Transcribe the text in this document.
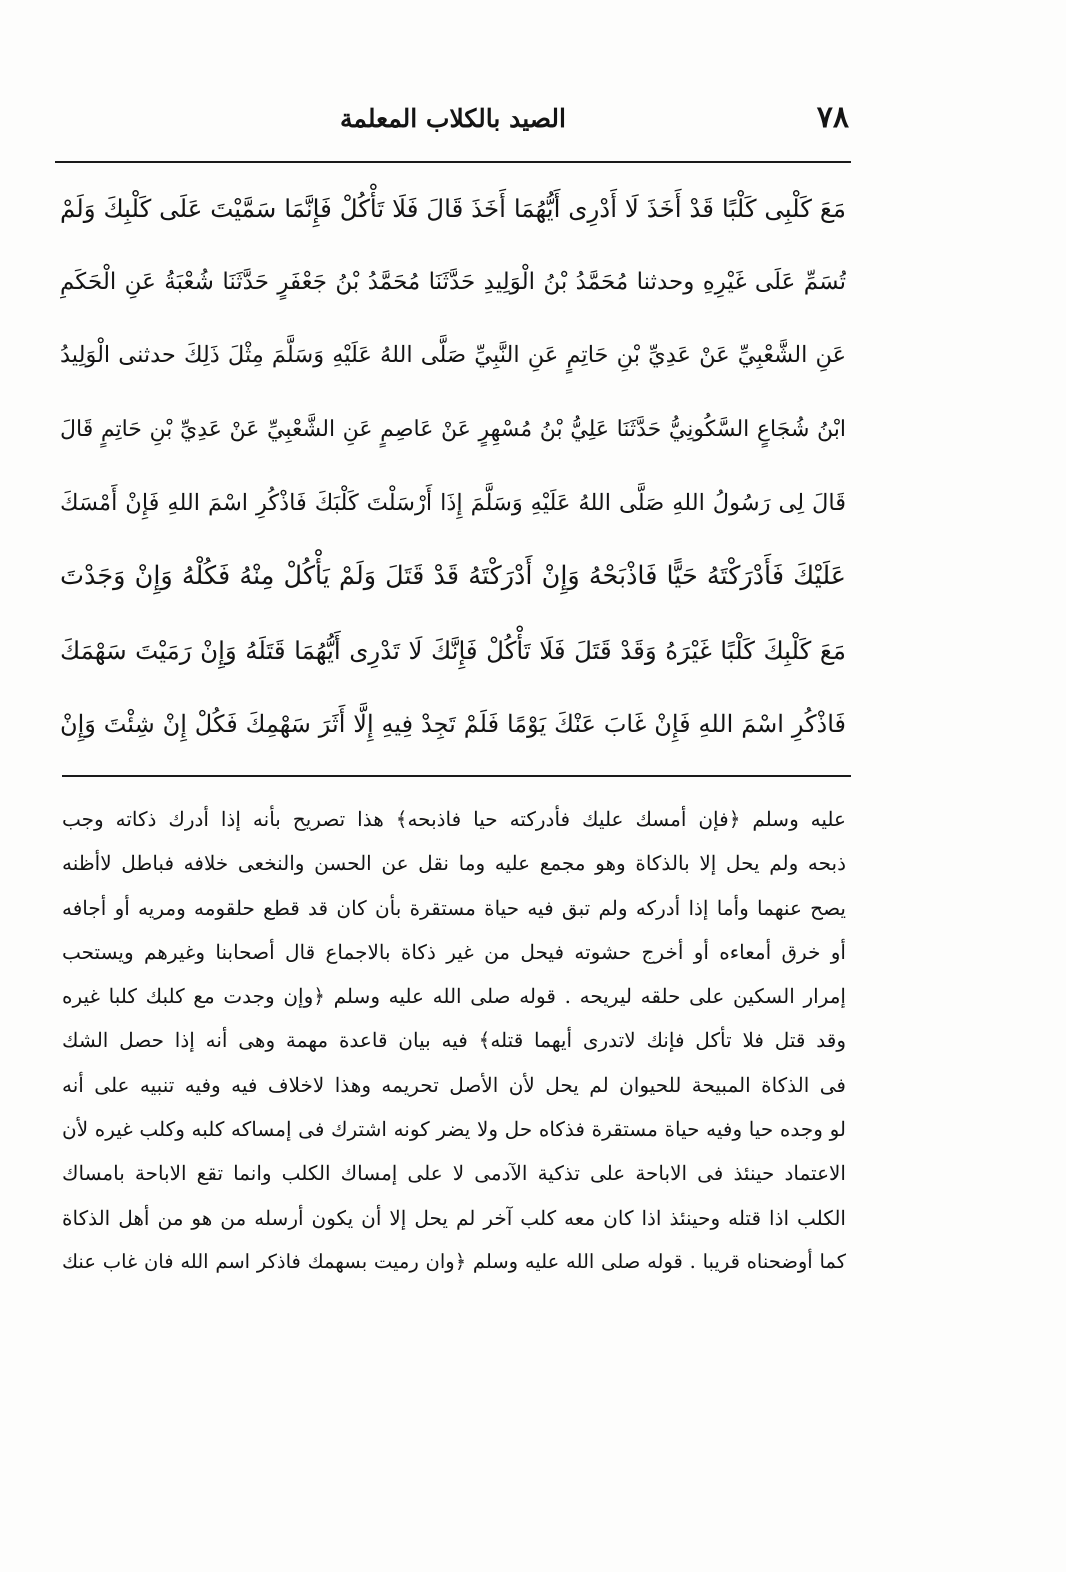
٧٨
الصيد بالكلاب المعلمة
مَعَ كَلْبِى كَلْبًا قَدْ أَخَذَ لَا أَدْرِى أَيُّهُمَا أَخَذَ قَالَ فَلَا تَأْكُلْ فَإِنَّمَا سَمَّيْتَ عَلَى كَلْبِكَ وَلَمْ
تُسَمِّ عَلَى غَيْرِهِ وحدثنا مُحَمَّدُ بْنُ الْوَلِيدِ حَدَّثَنَا مُحَمَّدُ بْنُ جَعْفَرٍ حَدَّثَنَا شُعْبَةُ عَنِ الْحَكَمِ
عَنِ الشَّعْبِيِّ عَنْ عَدِيِّ بْنِ حَاتِمٍ عَنِ النَّبِيِّ صَلَّى اللهُ عَلَيْهِ وَسَلَّمَ مِثْلَ ذَلِكَ حدثنى الْوَلِيدُ
ابْنُ شُجَاعٍ السَّكُونِيُّ حَدَّثَنَا عَلِيُّ بْنُ مُسْهِرٍ عَنْ عَاصِمٍ عَنِ الشَّعْبِيِّ عَنْ عَدِيِّ بْنِ حَاتِمٍ قَالَ
قَالَ لِى رَسُولُ اللهِ صَلَّى اللهُ عَلَيْهِ وَسَلَّمَ إِذَا أَرْسَلْتَ كَلْبَكَ فَاذْكُرِ اسْمَ اللهِ فَإِنْ أَمْسَكَ
عَلَيْكَ فَأَدْرَكْتَهُ حَيًّا فَاذْبَحْهُ وَإِنْ أَدْرَكْتَهُ قَدْ قَتَلَ وَلَمْ يَأْكُلْ مِنْهُ فَكُلْهُ وَإِنْ وَجَدْتَ
مَعَ كَلْبِكَ كَلْبًا غَيْرَهُ وَقَدْ قَتَلَ فَلَا تَأْكُلْ فَإِنَّكَ لَا تَدْرِى أَيُّهُمَا قَتَلَهُ وَإِنْ رَمَيْتَ سَهْمَكَ
فَاذْكُرِ اسْمَ اللهِ فَإِنْ غَابَ عَنْكَ يَوْمًا فَلَمْ تَجِدْ فِيهِ إِلَّا أَثَرَ سَهْمِكَ فَكُلْ إِنْ شِئْتَ وَإِنْ
عليه وسلم ﴿فإن أمسك عليك فأدركته حيا فاذبحه﴾ هذا تصريح بأنه إذا أدرك ذكاته وجب
ذبحه ولم يحل إلا بالذكاة وهو مجمع عليه وما نقل عن الحسن والنخعى خلافه فباطل لاأظنه
يصح عنهما وأما إذا أدركه ولم تبق فيه حياة مستقرة بأن كان قد قطع حلقومه ومريه أو أجافه
أو خرق أمعاءه أو أخرج حشوته فيحل من غير ذكاة بالاجماع قال أصحابنا وغيرهم ويستحب
إمرار السكين على حلقه ليريحه . قوله صلى الله عليه وسلم ﴿وإن وجدت مع كلبك كلبا غيره
وقد قتل فلا تأكل فإنك لاتدرى أيهما قتله﴾ فيه بيان قاعدة مهمة وهى أنه إذا حصل الشك
فى الذكاة المبيحة للحيوان لم يحل لأن الأصل تحريمه وهذا لاخلاف فيه وفيه تنبيه على أنه
لو وجده حيا وفيه حياة مستقرة فذكاه حل ولا يضر كونه اشترك فى إمساكه كلبه وكلب غيره لأن
الاعتماد حينئذ فى الاباحة على تذكية الآدمى لا على إمساك الكلب وانما تقع الاباحة بامساك
الكلب اذا قتله وحينئذ اذا كان معه كلب آخر لم يحل إلا أن يكون أرسله من هو من أهل الذكاة
كما أوضحناه قريبا . قوله صلى الله عليه وسلم ﴿وان رميت بسهمك فاذكر اسم الله فان غاب عنك
